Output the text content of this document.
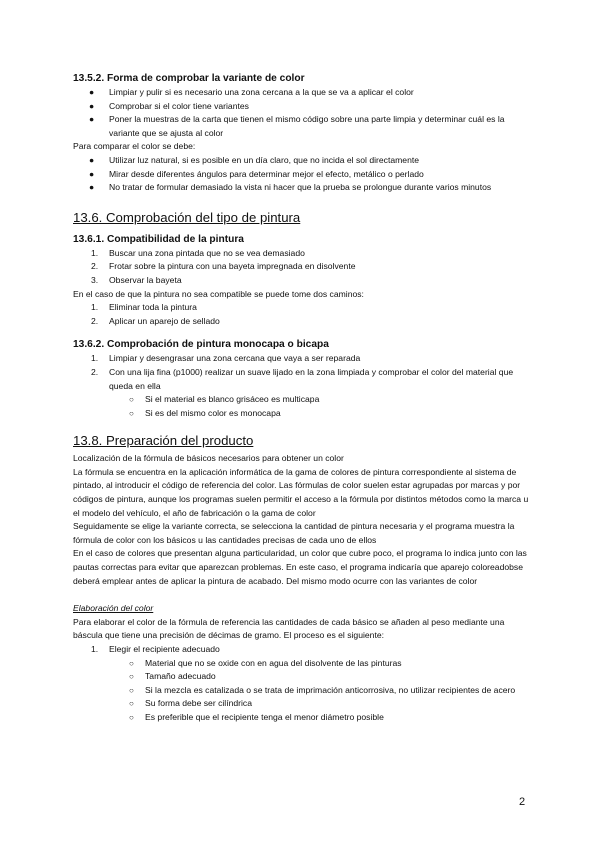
13.5.2. Forma de comprobar la variante de color
● Limpiar y pulir si es necesario una zona cercana a la que se va a aplicar el color
● Comprobar si el color tiene variantes
● Poner la muestras de la carta que tienen el mismo código sobre una parte limpia y determinar cuál es la variante que se ajusta al color

Para comparar el color se debe:

● Utilizar luz natural, si es posible en un día claro, que no incida el sol directamente
● Mirar desde diferentes ángulos para determinar mejor el efecto, metálico o perlado
● No tratar de formular demasiado la vista ni hacer que la prueba se prolongue durante varios minutos
13.6. Comprobación del tipo de pintura
13.6.1. Compatibilidad de la pintura
1. Buscar una zona pintada que no se vea demasiado
2. Frotar sobre la pintura con una bayeta impregnada en disolvente
3. Observar la bayeta

En el caso de que la pintura no sea compatible se puede tome dos caminos:

1. Eliminar toda la pintura
2. Aplicar un aparejo de sellado
13.6.2. Comprobación de pintura monocapa o bicapa
1. Limpiar y desengrasar una zona cercana que vaya a ser reparada
2. Con una lija fina (p1000) realizar un suave lijado en la zona limpiada y comprobar el color del material que queda en ella
○ Si el material es blanco grisáceo es multicapa
○ Si es del mismo color es monocapa
13.8. Preparación del producto

Localización de la fórmula de básicos necesarios para obtener un color

La fórmula se encuentra en la aplicación informática de la gama de colores de pintura correspondiente al sistema de pintado, al introducir el código de referencia del color. Las fórmulas de color suelen estar agrupadas por marcas y por códigos de pintura, aunque los programas suelen permitir el acceso a la fórmula por distintos métodos como la marca u el modelo del vehículo, el año de fabricación o la gama de color

Seguidamente se elige la variante correcta, se selecciona la cantidad de pintura necesaria y el programa muestra la fórmula de color con los básicos u las cantidades precisas de cada uno de ellos

En el caso de colores que presentan alguna particularidad, un color que cubre poco, el programa lo indica junto con las pautas correctas para evitar que aparezcan problemas. En este caso, el programa indicaría que aparejo coloreadobse deberá emplear antes de aplicar la pintura de acabado. Del mismo modo ocurre con las variantes de color

Elaboración del color

Para elaborar el color de la fórmula de referencia las cantidades de cada básico se añaden al peso mediante una báscula que tiene una precisión de décimas de gramo. El proceso es el siguiente:

1. Elegir el recipiente adecuado
○ Material que no se oxide con en agua del disolvente de las pinturas
○ Tamaño adecuado
○ Si la mezcla es catalizada o se trata de imprimación anticorrosiva, no utilizar recipientes de acero
○ Su forma debe ser cilíndrica
○ Es preferible que el recipiente tenga el menor diámetro posible
2
